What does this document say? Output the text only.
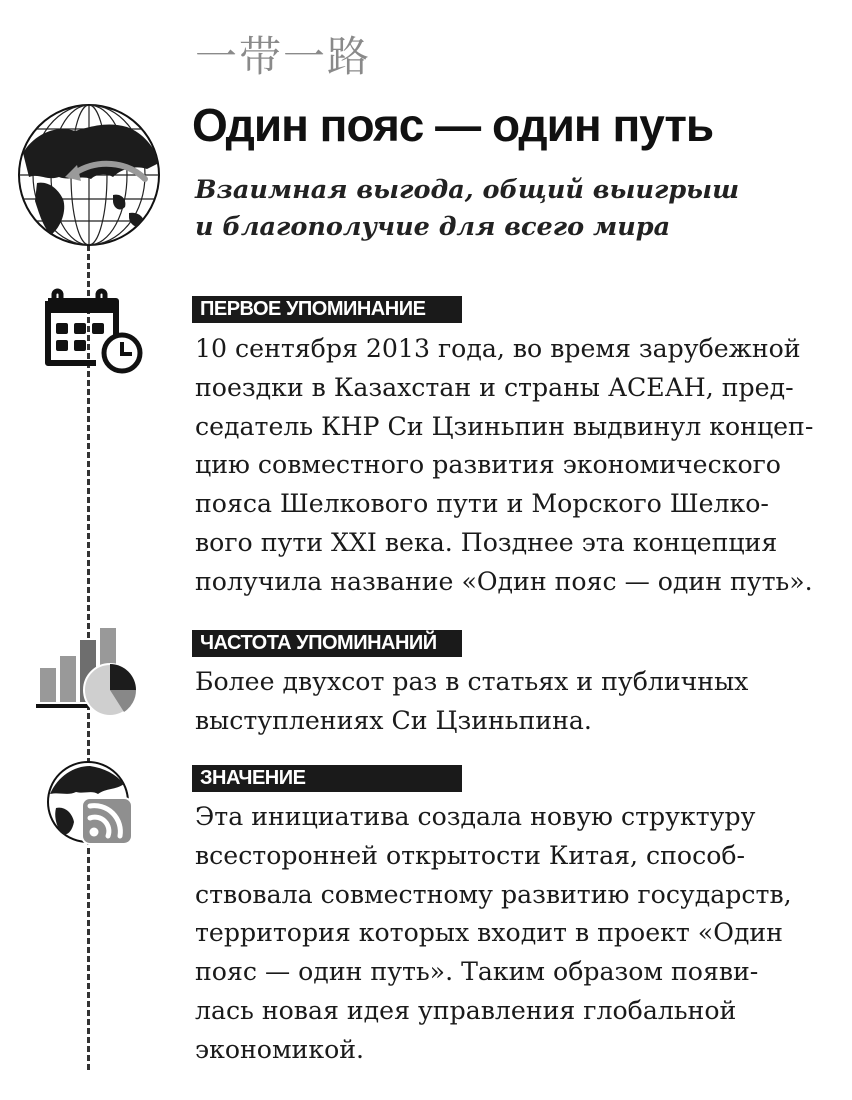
一带一路
Один пояс — один путь
Взаимная выгода, общий выигрыш
и благополучие для всего мира
ПЕРВОЕ УПОМИНАНИЕ
10 сентября 2013 года, во время зарубежной
поездки в Казахстан и страны АСЕАН, пред-
седатель КНР Си Цзиньпин выдвинул концеп-
цию совместного развития экономического
пояса Шелкового пути и Морского Шелко-
вого пути XXI века. Позднее эта концепция
получила название «Один пояс — один путь».
ЧАСТОТА УПОМИНАНИЙ
Более двухсот раз в статьях и публичных
выступлениях Си Цзиньпина.
ЗНАЧЕНИЕ
Эта инициатива создала новую структуру
всесторонней открытости Китая, способ-
ствовала совместному развитию государств,
территория которых входит в проект «Один
пояс — один путь». Таким образом появи-
лась новая идея управления глобальной
экономикой.
